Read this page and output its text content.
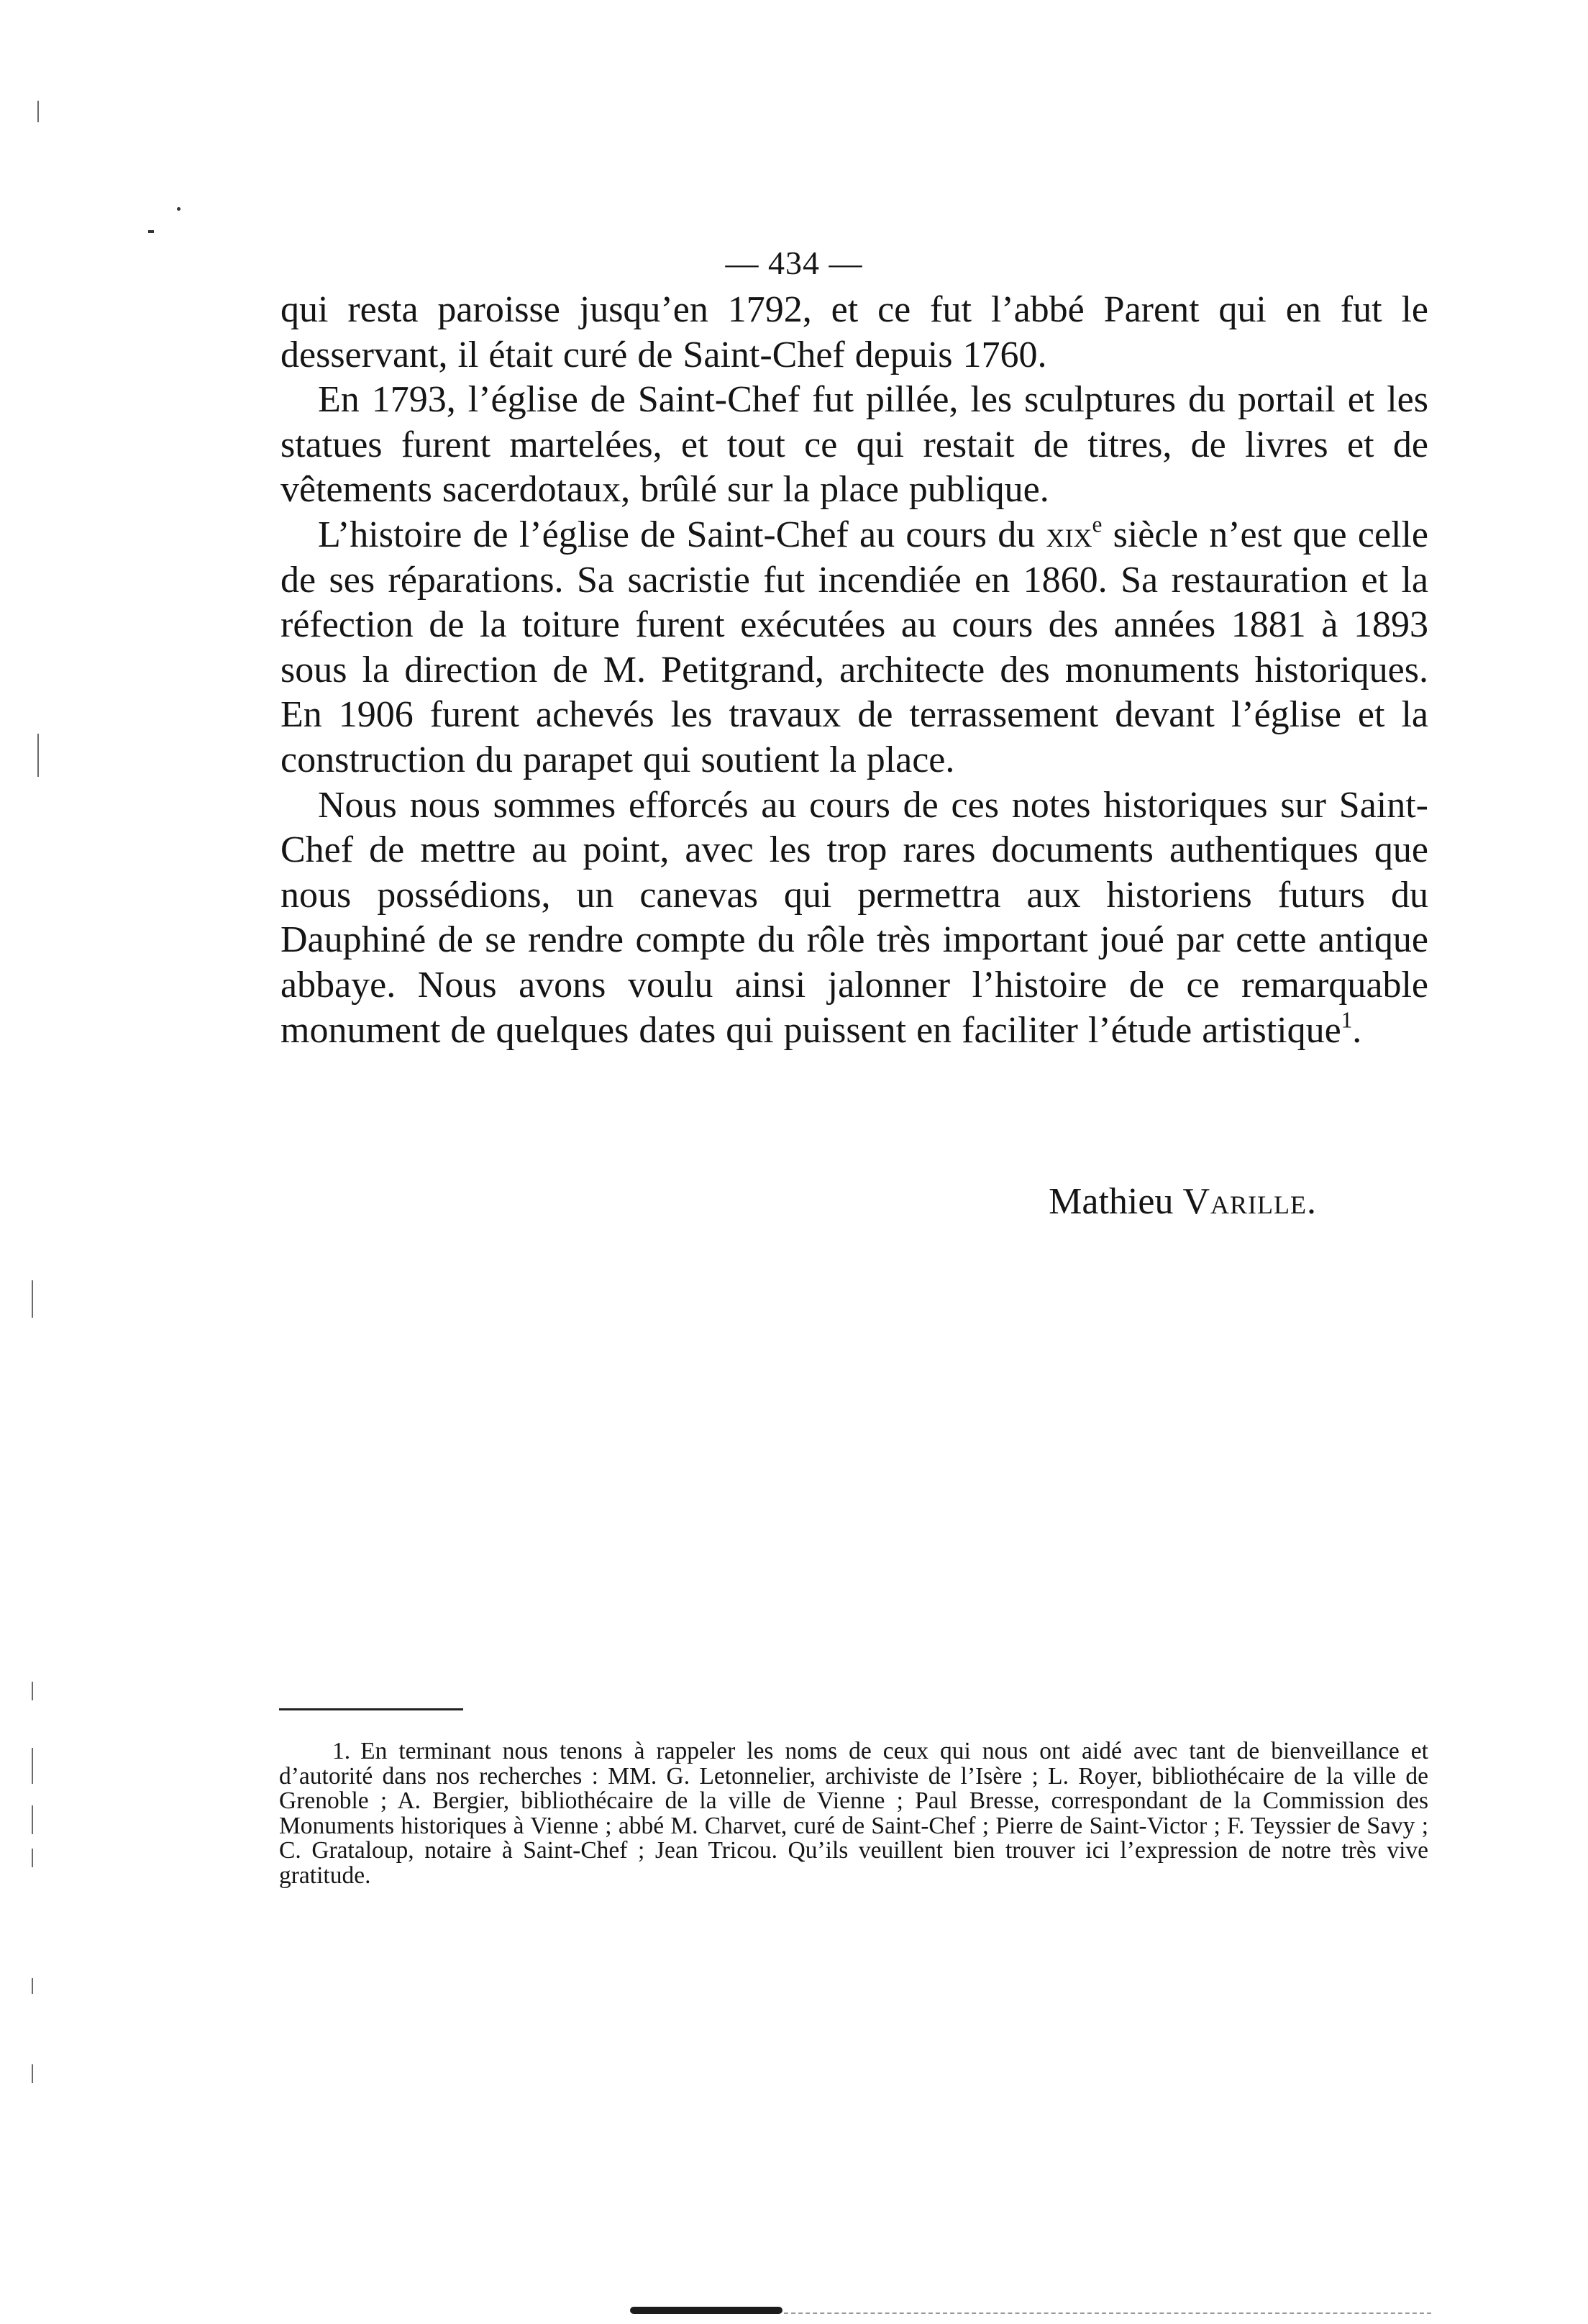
— 434 —

qui resta paroisse jusqu’en 1792, et ce fut l’abbé Parent qui en fut le desservant, il était curé de Saint-Chef depuis 1760.

En 1793, l’église de Saint-Chef fut pillée, les sculptures du portail et les statues furent martelées, et tout ce qui restait de titres, de livres et de vêtements sacerdotaux, brûlé sur la place publique.

L’histoire de l’église de Saint-Chef au cours du xix$^e$ siècle n’est que celle de ses réparations. Sa sacristie fut incendiée en 1860. Sa restauration et la réfection de la toiture furent exécutées au cours des années 1881 à 1893 sous la direction de M. Petitgrand, architecte des monuments historiques. En 1906 furent achevés les travaux de terrassement devant l’église et la construction du parapet qui soutient la place.

Nous nous sommes efforcés au cours de ces notes historiques sur Saint-Chef de mettre au point, avec les trop rares documents authentiques que nous possédions, un canevas qui permettra aux historiens futurs du Dauphiné de se rendre compte du rôle très important joué par cette antique abbaye. Nous avons voulu ainsi jalonner l’histoire de ce remarquable monument de quelques dates qui puissent en faciliter l’étude artistique$^1$.

Mathieu Varille.

1. En terminant nous tenons à rappeler les noms de ceux qui nous ont aidé avec tant de bienveillance et d’autorité dans nos recherches : MM. G. Letonnelier, archiviste de l’Isère ; L. Royer, bibliothécaire de la ville de Grenoble ; A. Bergier, bibliothécaire de la ville de Vienne ; Paul Bresse, correspondant de la Commission des Monuments historiques à Vienne ; abbé M. Charvet, curé de Saint-Chef ; Pierre de Saint-Victor ; F. Teyssier de Savy ; C. Grataloup, notaire à Saint-Chef ; Jean Tricou. Qu’ils veuillent bien trouver ici l’expression de notre très vive gratitude.
